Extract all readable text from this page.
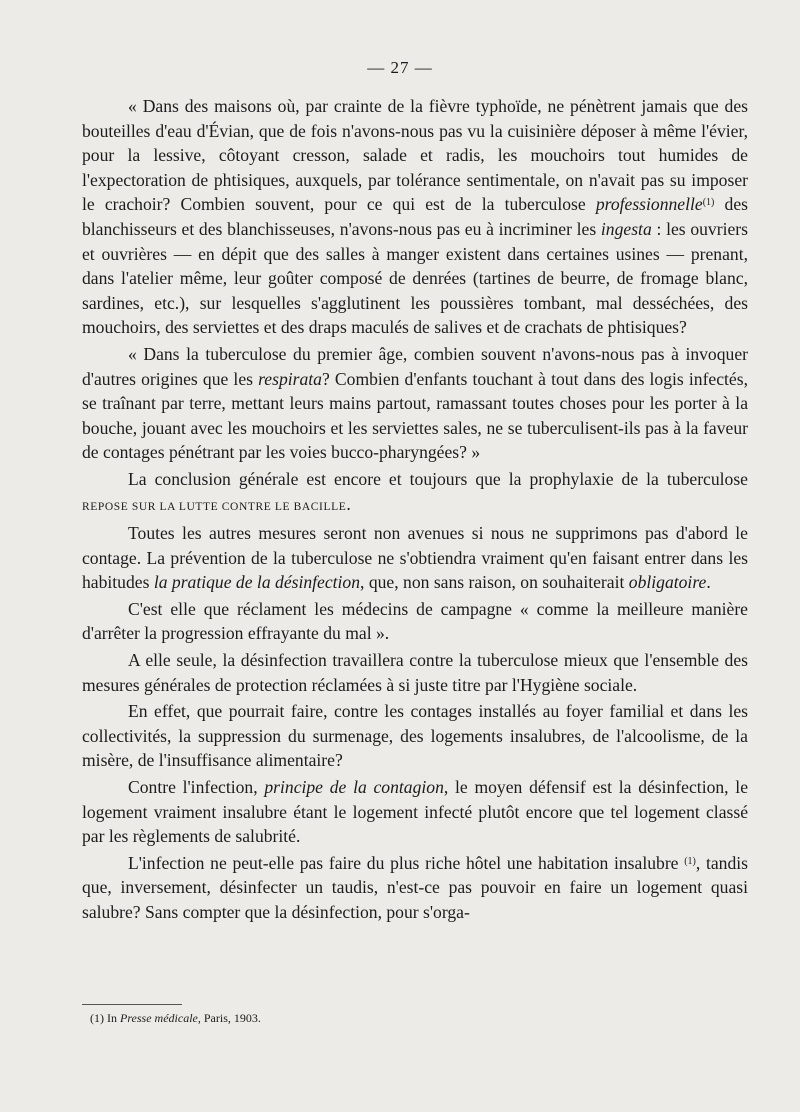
— 27 —

« Dans des maisons où, par crainte de la fièvre typhoïde, ne pénètrent jamais que des bouteilles d'eau d'Évian, que de fois n'avons-nous pas vu la cuisinière déposer à même l'évier, pour la lessive, côtoyant cresson, salade et radis, les mouchoirs tout humides de l'expectoration de phtisiques, auxquels, par tolérance sentimentale, on n'avait pas su imposer le crachoir? Combien souvent, pour ce qui est de la tuberculose professionnelle$^{(1)}$ des blanchisseurs et des blanchisseuses, n'avons-nous pas eu à incriminer les ingesta : les ouvriers et ouvrières — en dépit que des salles à manger existent dans certaines usines — prenant, dans l'atelier même, leur goûter composé de denrées (tartines de beurre, de fromage blanc, sardines, etc.), sur lesquelles s'agglutinent les poussières tombant, mal desséchées, des mouchoirs, des serviettes et des draps maculés de salives et de crachats de phtisiques?

« Dans la tuberculose du premier âge, combien souvent n'avons-nous pas à invoquer d'autres origines que les respirata? Combien d'enfants touchant à tout dans des logis infectés, se traînant par terre, mettant leurs mains partout, ramassant toutes choses pour les porter à la bouche, jouant avec les mouchoirs et les serviettes sales, ne se tuberculisent-ils pas à la faveur de contages pénétrant par les voies bucco-pharyngées? »

La conclusion générale est encore et toujours que la prophylaxie de la tuberculose REPOSE SUR LA LUTTE CONTRE LE BACILLE.

Toutes les autres mesures seront non avenues si nous ne supprimons pas d'abord le contage. La prévention de la tuberculose ne s'obtiendra vraiment qu'en faisant entrer dans les habitudes la pratique de la désinfection, que, non sans raison, on souhaiterait obligatoire.

C'est elle que réclament les médecins de campagne « comme la meilleure manière d'arrêter la progression effrayante du mal ».

A elle seule, la désinfection travaillera contre la tuberculose mieux que l'ensemble des mesures générales de protection réclamées à si juste titre par l'Hygiène sociale.

En effet, que pourrait faire, contre les contages installés au foyer familial et dans les collectivités, la suppression du surmenage, des logements insalubres, de l'alcoolisme, de la misère, de l'insuffisance alimentaire?

Contre l'infection, principe de la contagion, le moyen défensif est la désinfection, le logement vraiment insalubre étant le logement infecté plutôt encore que tel logement classé par les règlements de salubrité.

L'infection ne peut-elle pas faire du plus riche hôtel une habitation insalubre $^{(1)}$, tandis que, inversement, désinfecter un taudis, n'est-ce pas pouvoir en faire un logement quasi salubre? Sans compter que la désinfection, pour s'orga-

(1) In Presse médicale, Paris, 1903.
